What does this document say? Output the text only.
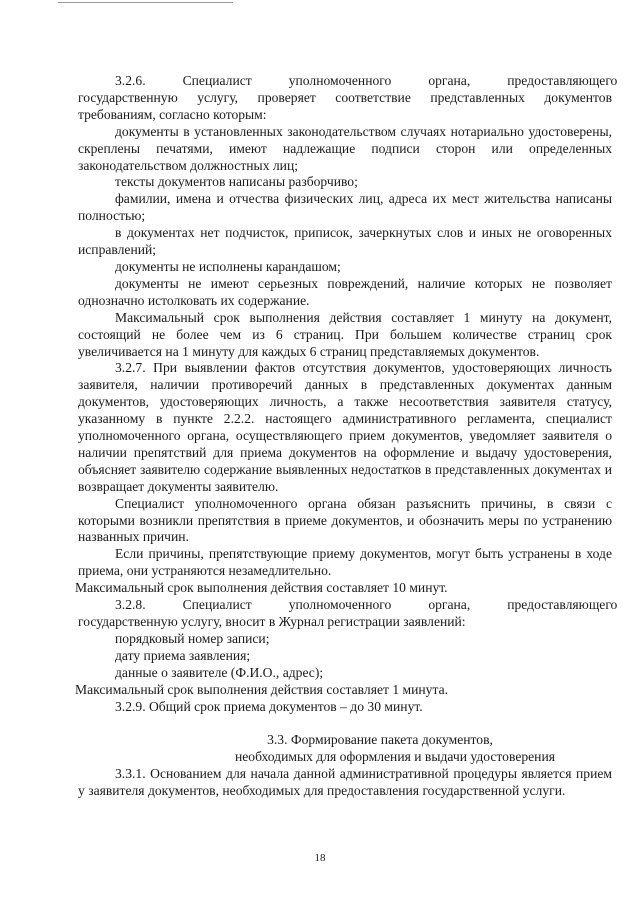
3.2.6.	Специалист	уполномоченного	органа,	предоставляющего

государственную услугу, проверяет соответствие представленных документов требованиям, согласно которым:

документы в установленных законодательством случаях нотариально удостоверены, скреплены печатями, имеют надлежащие подписи сторон или определенных законодательством должностных лиц;

тексты документов написаны разборчиво;

фамилии, имена и отчества физических лиц, адреса их мест жительства написаны полностью;

в документах нет подчисток, приписок, зачеркнутых слов и иных не оговоренных исправлений;

документы не исполнены карандашом;

документы не имеют серьезных повреждений, наличие которых не позволяет однозначно истолковать их содержание.

Максимальный срок выполнения действия составляет 1 минуту на документ, состоящий не более чем из 6 страниц. При большем количестве страниц срок увеличивается на 1 минуту для каждых 6 страниц представляемых документов.

3.2.7. При выявлении фактов отсутствия документов, удостоверяющих личность заявителя, наличии противоречий данных в представленных документах данным документов, удостоверяющих личность, а также несоответствия заявителя статусу, указанному в пункте 2.2.2. настоящего административного регламента, специалист уполномоченного органа, осуществляющего прием документов, уведомляет заявителя о наличии препятствий для приема документов на оформление и выдачу удостоверения, объясняет заявителю содержание выявленных недостатков в представленных документах и возвращает документы заявителю.

Специалист уполномоченного органа обязан разъяснить причины, в связи с которыми возникли препятствия в приеме документов, и обозначить меры по устранению названных причин.

Если причины, препятствующие приему документов, могут быть устранены в ходе приема, они устраняются незамедлительно.

Максимальный срок выполнения действия составляет 10 минут.

3.2.8.	Специалист	уполномоченного	органа,	предоставляющего

государственную услугу, вносит в Журнал регистрации заявлений:

порядковый номер записи;

дату приема заявления;

данные о заявителе (Ф.И.О., адрес);

Максимальный срок выполнения действия составляет 1 минута.

3.2.9. Общий срок приема документов – до 30 минут.

3.3. Формирование пакета документов,

необходимых для оформления и выдачи удостоверения

3.3.1. Основанием для начала данной административной процедуры является прием у заявителя документов, необходимых для предоставления государственной услуги.

18
